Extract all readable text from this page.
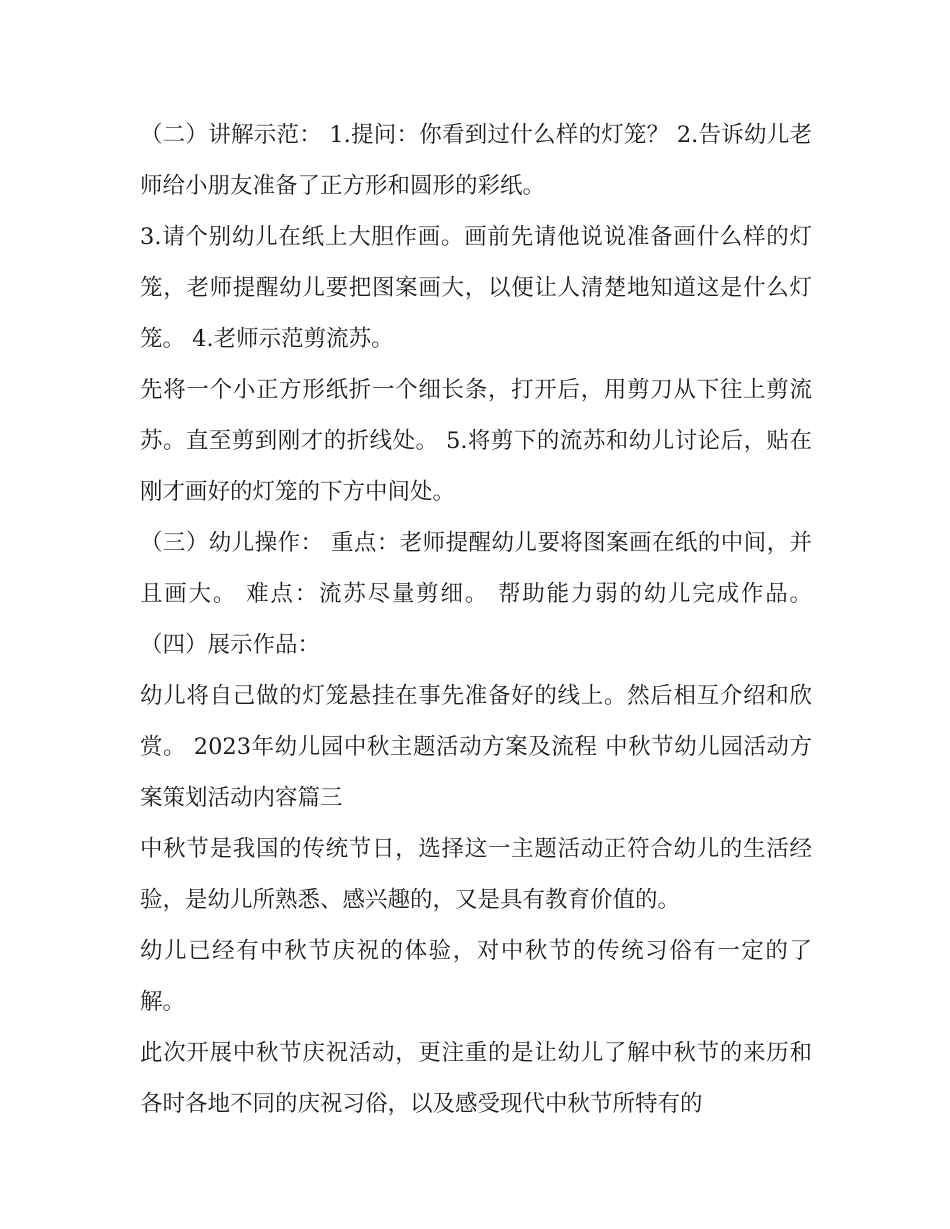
（二）讲解示范： 1.提问：你看到过什么样的灯笼？ 2.告诉幼儿老师给小朋友准备了正方形和圆形的彩纸。

3.请个别幼儿在纸上大胆作画。画前先请他说说准备画什么样的灯笼，老师提醒幼儿要把图案画大，以便让人清楚地知道这是什么灯笼。 4.老师示范剪流苏。

先将一个小正方形纸折一个细长条，打开后，用剪刀从下往上剪流苏。直至剪到刚才的折线处。 5.将剪下的流苏和幼儿讨论后，贴在刚才画好的灯笼的下方中间处。

（三）幼儿操作： 重点：老师提醒幼儿要将图案画在纸的中间，并且画大。 难点：流苏尽量剪细。 帮助能力弱的幼儿完成作品。 （四）展示作品：

幼儿将自己做的灯笼悬挂在事先准备好的线上。然后相互介绍和欣赏。 2023年幼儿园中秋主题活动方案及流程 中秋节幼儿园活动方案策划活动内容篇三

中秋节是我国的传统节日，选择这一主题活动正符合幼儿的生活经验，是幼儿所熟悉、感兴趣的，又是具有教育价值的。

幼儿已经有中秋节庆祝的体验，对中秋节的传统习俗有一定的了解。

此次开展中秋节庆祝活动，更注重的是让幼儿了解中秋节的来历和各时各地不同的庆祝习俗，以及感受现代中秋节所特有的
